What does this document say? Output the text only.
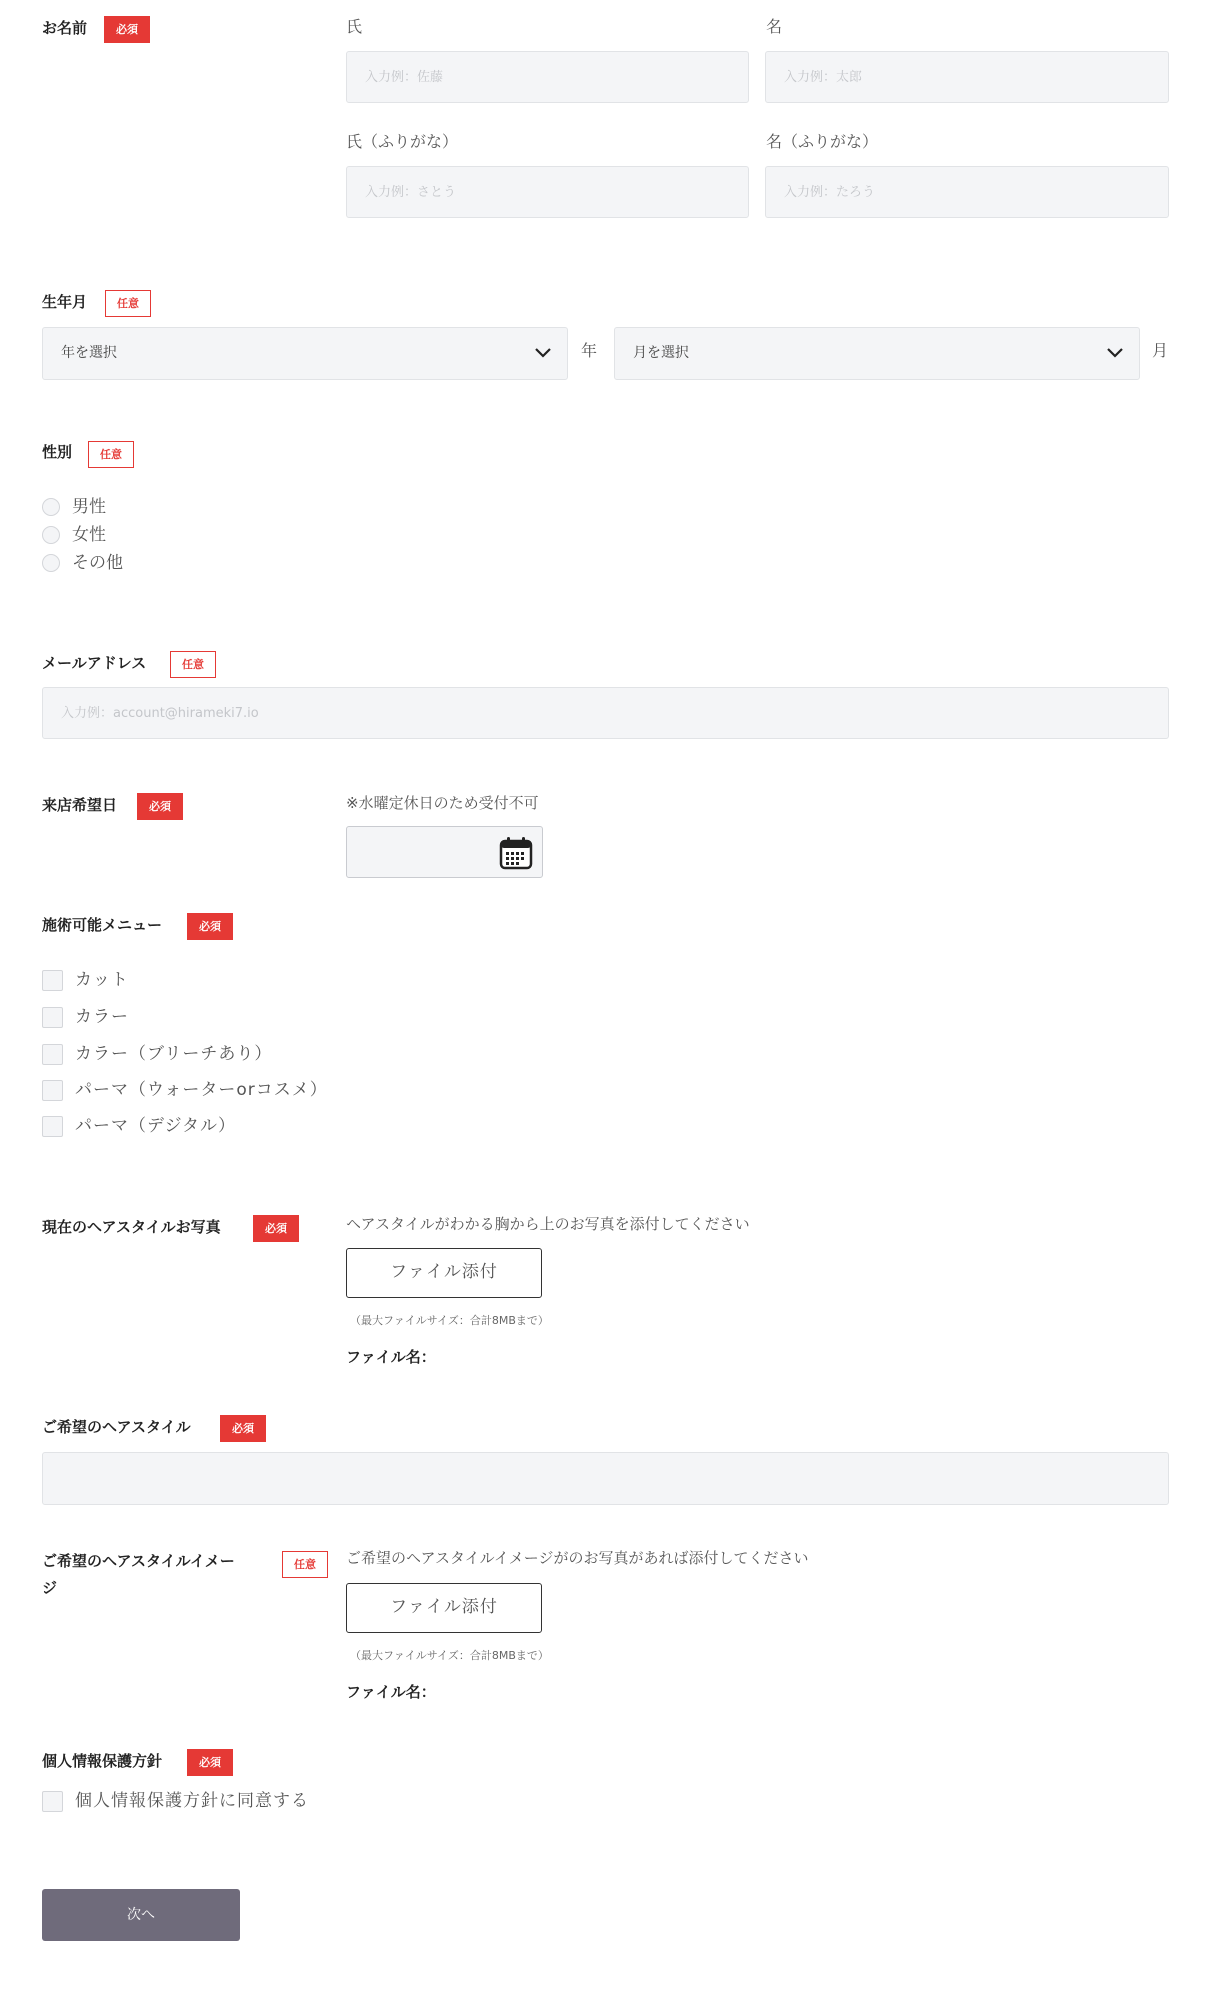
お名前	必須	氏	名
入力例：佐藤
入力例：太郎
氏（ふりがな）	名（ふりがな）
入力例：さとう
入力例：たろう
生年月	任意
年を選択	年	月を選択	月
性別	任意
男性
女性
その他
メールアドレス	任意
入力例：account@hirameki7.io
来店希望日	必須	※水曜定休日のため受付不可
施術可能メニュー	必須
カット
カラー
カラー（ブリーチあり）
パーマ（ウォーターorコスメ）
パーマ（デジタル）
現在のヘアスタイルお写真	必須	ヘアスタイルがわかる胸から上のお写真を添付してください
ファイル添付
（最大ファイルサイズ：合計8MBまで）
ファイル名：
ご希望のヘアスタイル	必須
ご希望のヘアスタイルイメー
ジ
任意	ご希望のヘアスタイルイメージがのお写真があれば添付してください
ファイル添付
（最大ファイルサイズ：合計8MBまで）
ファイル名：
個人情報保護方針	必須
個人情報保護方針に同意する
次へ
